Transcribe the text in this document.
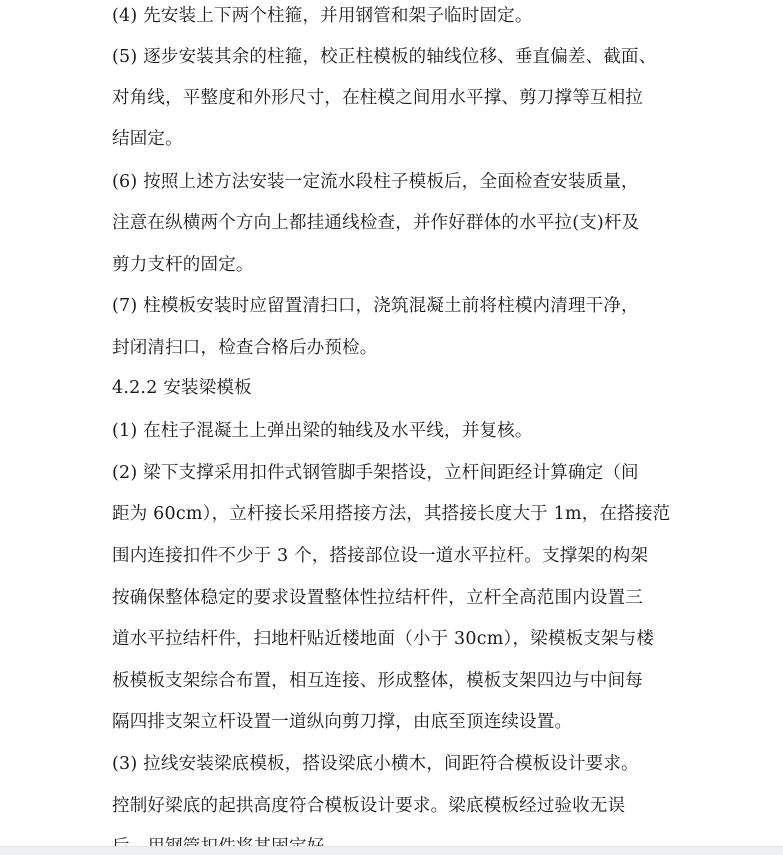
(4) 先安装上下两个柱箍，并用钢管和架子临时固定。
(5) 逐步安装其余的柱箍，校正柱模板的轴线位移、垂直偏差、截面、
对角线，平整度和外形尺寸，在柱模之间用水平撑、剪刀撑等互相拉
结固定。
(6) 按照上述方法安装一定流水段柱子模板后，全面检查安装质量，
注意在纵横两个方向上都挂通线检查，并作好群体的水平拉(支)杆及
剪力支杆的固定。
(7) 柱模板安装时应留置清扫口，浇筑混凝土前将柱模内清理干净，
封闭清扫口，检查合格后办预检。
4.2.2 安装梁模板
(1) 在柱子混凝土上弹出梁的轴线及水平线，并复核。
(2) 梁下支撑采用扣件式钢管脚手架搭设，立杆间距经计算确定（间
距为 60cm），立杆接长采用搭接方法，其搭接长度大于 1m，在搭接范
围内连接扣件不少于 3 个，搭接部位设一道水平拉杆。支撑架的构架
按确保整体稳定的要求设置整体性拉结杆件，立杆全高范围内设置三
道水平拉结杆件，扫地杆贴近楼地面（小于 30cm），梁模板支架与楼
板模板支架综合布置，相互连接、形成整体，模板支架四边与中间每
隔四排支架立杆设置一道纵向剪刀撑，由底至顶连续设置。
(3) 拉线安装梁底模板，搭设梁底小横木，间距符合模板设计要求。
控制好梁底的起拱高度符合模板设计要求。梁底模板经过验收无误
